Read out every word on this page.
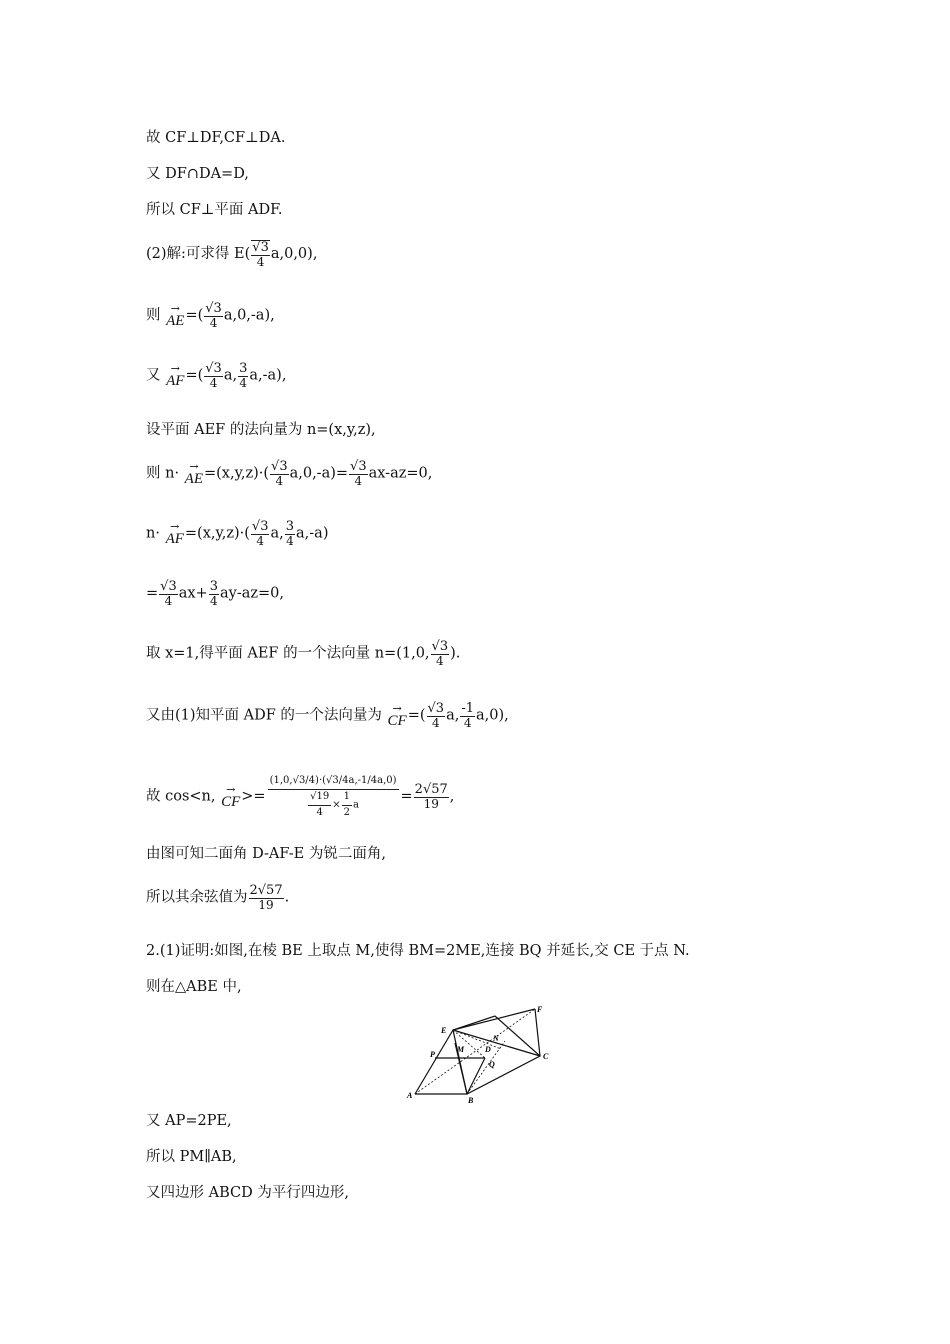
故 CF⊥DF,CF⊥DA.
又 DF∩DA=D,
所以 CF⊥平面 ADF.
(2)解:可求得 $E( \frac{√3}{4} a,0,0)$,
则 →
AE =( $\frac{√3}{4} a,0,-a$),
又 →
AF =( $\frac{√3}{4} a$, $\frac{3}{4} a,-a$),
设平面 AEF 的法向量为 n=(x,y,z),
则 n· →
AE $=(x,y,z)\cdot( \frac{√3}{4} a,0,-a)= \frac{√3}{4} ax-az=0$,
n· →
AF $=(x,y,z)\cdot( \frac{√3}{4} a$, $\frac{3}{4} a,-a$)
= $\frac{√3}{4} ax+ \frac{3}{4} ay-az=0$,
取 x=1,得平面 AEF 的一个法向量 n=(1,0, $\frac{√3}{4}$ ).
又由(1)知平面 ADF 的一个法向量为 →
CF =( $\frac{√3}{4} a$, $\frac{-1}{4} a,0$),
故 cos<n, →
CF >= $\frac{(1,0,√3/4)\cdot(√3/4a,-1/4a,0)}{\frac{√19}{4} \times \frac{1}{2} a} = \frac{2√57}{19}$ ,
由图可知二面角 D-AF-E 为锐二面角,
所以其余弦值为 $\frac{2√57}{19}$ .
2.(1)证明:如图,在棱 BE 上取点 M,使得 BM=2ME,连接 BQ 并延长,交 CE 于点 N.
则在△ABE 中,
E
F
P
M
N
D
Q
C
A
B
又 AP=2PE,
所以 PM∥AB,
又四边形 ABCD 为平行四边形,
